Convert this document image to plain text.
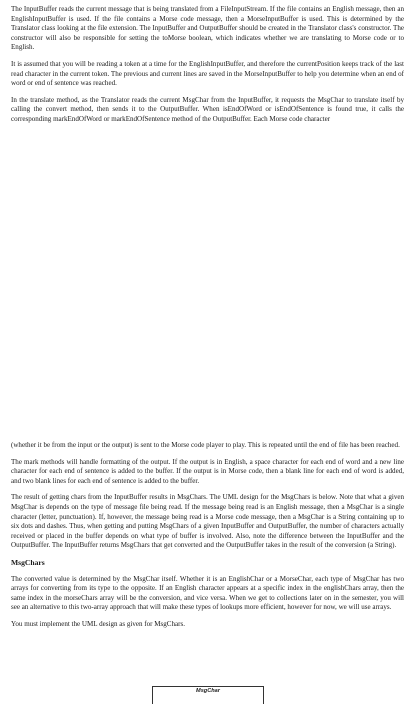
The InputBuffer reads the current message that is being translated from a FileInputStream. If the file contains an English message, then an EnglishInputBuffer is used. If the file contains a Morse code message, then a MorseInputBuffer is used. This is determined by the Translator class looking at the file extension. The InputBuffer and OutputBuffer should be created in the Translator class's constructor. The constructor will also be responsible for setting the toMorse boolean, which indicates whether we are translating to Morse code or to English.

It is assumed that you will be reading a token at a time for the EnglishInputBuffer, and therefore the currentPosition keeps track of the last read character in the current token. The previous and current lines are saved in the MorseInputBuffer to help you determine when an end of word or end of sentence was reached.

In the translate method, as the Translator reads the current MsgChar from the InputBuffer, it requests the MsgChar to translate itself by calling the convert method, then sends it to the OutputBuffer. When isEndOfWord or isEndOfSentence is found true, it calls the corresponding markEndOfWord or markEndOfSentence method of the OutputBuffer. Each Morse code character

(whether it be from the input or the output) is sent to the Morse code player to play. This is repeated until the end of file has been reached.

The mark methods will handle formatting of the output. If the output is in English, a space character for each end of word and a new line character for each end of sentence is added to the buffer. If the output is in Morse code, then a blank line for each end of word is added, and two blank lines for each end of sentence is added to the buffer.

The result of getting chars from the InputBuffer results in MsgChars. The UML design for the MsgChars is below. Note that what a given MsgChar is depends on the type of message file being read. If the message being read is an English message, then a MsgChar is a single character (letter, punctuation). If, however, the message being read is a Morse code message, then a MsgChar is a String containing up to six dots and dashes. Thus, when getting and putting MsgChars of a given InputBuffer and OutputBuffer, the number of characters actually received or placed in the buffer depends on what type of buffer is involved. Also, note the difference between the InputBuffer and the OutputBuffer. The InputBuffer returns MsgChars that get converted and the OutputBuffer takes in the result of the conversion (a String).

MsgChars

The converted value is determined by the MsgChar itself. Whether it is an EnglishChar or a MorseChar, each type of MsgChar has two arrays for converting from its type to the opposite. If an English character appears at a specific index in the englishChars array, then the same index in the morseChars array will be the conversion, and vice versa. When we get to collections later on in the semester, you will see an alternative to this two-array approach that will make these types of lookups more efficient, however for now, we will use arrays.

You must implement the UML design as given for MsgChars.

MsgChar
